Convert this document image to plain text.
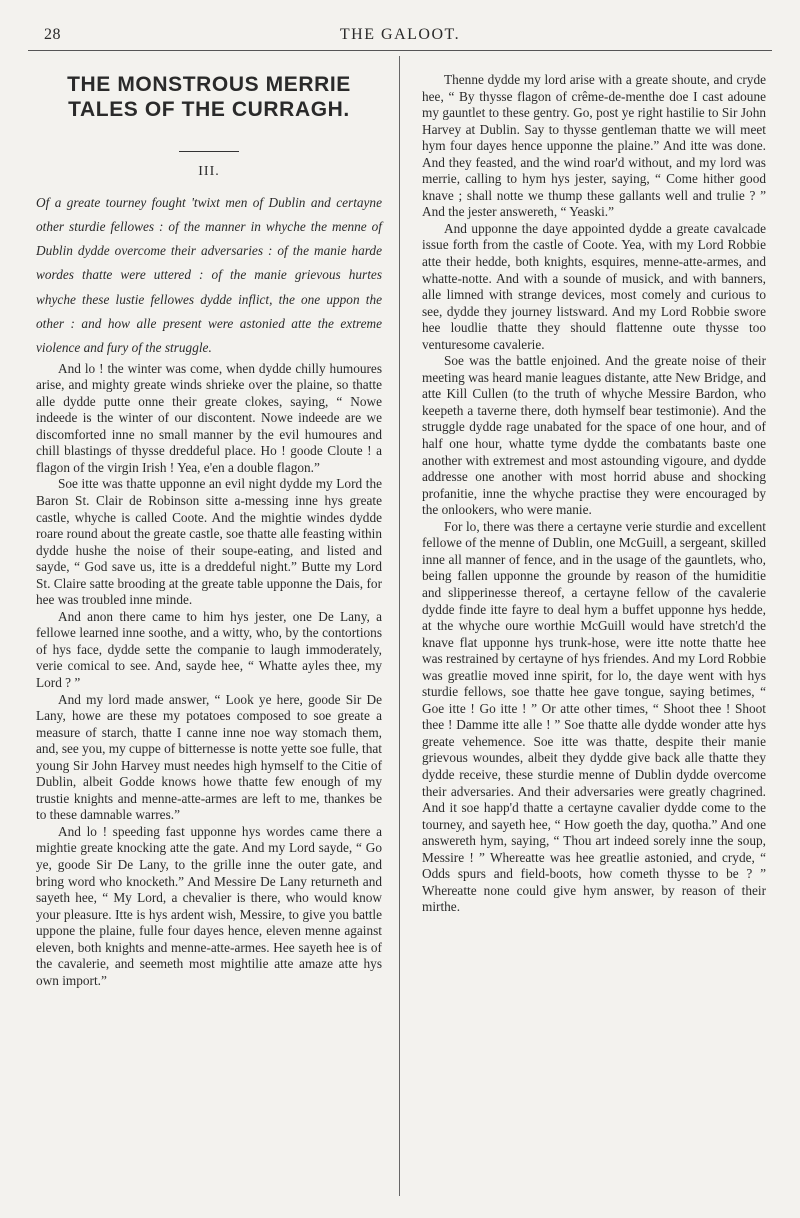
28	THE GALOOT.
THE MONSTROUS MERRIE TALES OF THE CURRAGH.
III.

Of a greate tourney fought 'twixt men of Dublin and certayne other sturdie fellowes : of the manner in whyche the menne of Dublin dydde overcome their adversaries : of the manie harde wordes thatte were uttered : of the manie grievous hurtes whyche these lustie fellowes dydde inflict, the one uppon the other : and how alle present were astonied atte the extreme violence and fury of the struggle.

And lo ! the winter was come, when dydde chilly humoures arise, and mighty greate winds shrieke over the plaine, so thatte alle dydde putte onne their greate clokes, saying, “ Nowe indeede is the winter of our discontent. Nowe indeede are we discomforted inne no small manner by the evil humoures and chill blastings of thysse dreddeful place. Ho ! goode Cloute ! a flagon of the virgin Irish ! Yea, e'en a double flagon.”

Soe itte was thatte upponne an evil night dydde my Lord the Baron St. Clair de Robinson sitte a-messing inne hys greate castle, whyche is called Coote. And the mightie windes dydde roare round about the greate castle, soe thatte alle feasting within dydde hushe the noise of their soupe-eating, and listed and sayde, “ God save us, itte is a dreddeful night.” Butte my Lord St. Claire satte brooding at the greate table upponne the Dais, for hee was troubled inne minde.

And anon there came to him hys jester, one De Lany, a fellowe learned inne soothe, and a witty, who, by the contortions of hys face, dydde sette the companie to laugh immoderately, verie comical to see. And, sayde hee, “ Whatte ayles thee, my Lord ? ”

And my lord made answer, “ Look ye here, goode Sir De Lany, howe are these my potatoes composed to soe greate a measure of starch, thatte I canne inne noe way stomach them, and, see you, my cuppe of bitternesse is notte yette soe fulle, that young Sir John Harvey must needes high hymself to the Citie of Dublin, albeit Godde knows howe thatte few enough of my trustie knights and menne-atte-armes are left to me, thankes be to these damnable warres.”

And lo ! speeding fast upponne hys wordes came there a mightie greate knocking atte the gate. And my Lord sayde, “ Go ye, goode Sir De Lany, to the grille inne the outer gate, and bring word who knocketh.” And Messire De Lany returneth and sayeth hee, “ My Lord, a chevalier is there, who would know your pleasure. Itte is hys ardent wish, Messire, to give you battle uppone the plaine, fulle four dayes hence, eleven menne against eleven, both knights and menne-atte-armes. Hee sayeth hee is of the cavalerie, and seemeth most mightilie atte amaze atte hys own import.”

Thenne dydde my lord arise with a greate shoute, and cryde hee, “ By thysse flagon of crême-de-menthe doe I cast adoune my gauntlet to these gentry. Go, post ye right hastilie to Sir John Harvey at Dublin. Say to thysse gentleman thatte we will meet hym four dayes hence upponne the plaine.” And itte was done. And they feasted, and the wind roar'd without, and my lord was merrie, calling to hym hys jester, saying, “ Come hither good knave ; shall notte we thump these gallants well and trulie ? ” And the jester answereth, “ Yeaski.”

And upponne the daye appointed dydde a greate cavalcade issue forth from the castle of Coote. Yea, with my Lord Robbie atte their hedde, both knights, esquires, menne-atte-armes, and whatte-notte. And with a sounde of musick, and with banners, alle limned with strange devices, most comely and curious to see, dydde they journey listsward. And my Lord Robbie swore hee loudlie thatte they should flattenne oute thysse too venturesome cavalerie.

Soe was the battle enjoined. And the greate noise of their meeting was heard manie leagues distante, atte New Bridge, and atte Kill Cullen (to the truth of whyche Messire Bardon, who keepeth a taverne there, doth hymself bear testimonie). And the struggle dydde rage unabated for the space of one hour, and of half one hour, whatte tyme dydde the combatants baste one another with extremest and most astounding vigoure, and dydde addresse one another with most horrid abuse and shocking profanitie, inne the whyche practise they were encouraged by the onlookers, who were manie.

For lo, there was there a certayne verie sturdie and excellent fellowe of the menne of Dublin, one McGuill, a sergeant, skilled inne all manner of fence, and in the usage of the gauntlets, who, being fallen upponne the grounde by reason of the humiditie and slipperinesse thereof, a certayne fellow of the cavalerie dydde finde itte fayre to deal hym a buffet upponne hys hedde, at the whyche oure worthie McGuill would have stretch'd the knave flat upponne hys trunk-hose, were itte notte thatte hee was restrained by certayne of hys friendes. And my Lord Robbie was greatlie moved inne spirit, for lo, the daye went with hys sturdie fellows, soe thatte hee gave tongue, saying betimes, “ Goe itte ! Go itte ! ” Or atte other times, “ Shoot thee ! Shoot thee ! Damme itte alle ! ” Soe thatte alle dydde wonder atte hys greate vehemence. Soe itte was thatte, despite their manie grievous woundes, albeit they dydde give back alle thatte they dydde receive, these sturdie menne of Dublin dydde overcome their adversaries. And their adversaries were greatly chagrined. And it soe happ'd thatte a certayne cavalier dydde come to the tourney, and sayeth hee, “ How goeth the day, quotha.” And one answereth hym, saying, “ Thou art indeed sorely inne the soup, Messire ! ” Whereatte was hee greatlie astonied, and cryde, “ Odds spurs and field-boots, how cometh thysse to be ? ” Whereatte none could give hym answer, by reason of their mirthe.
